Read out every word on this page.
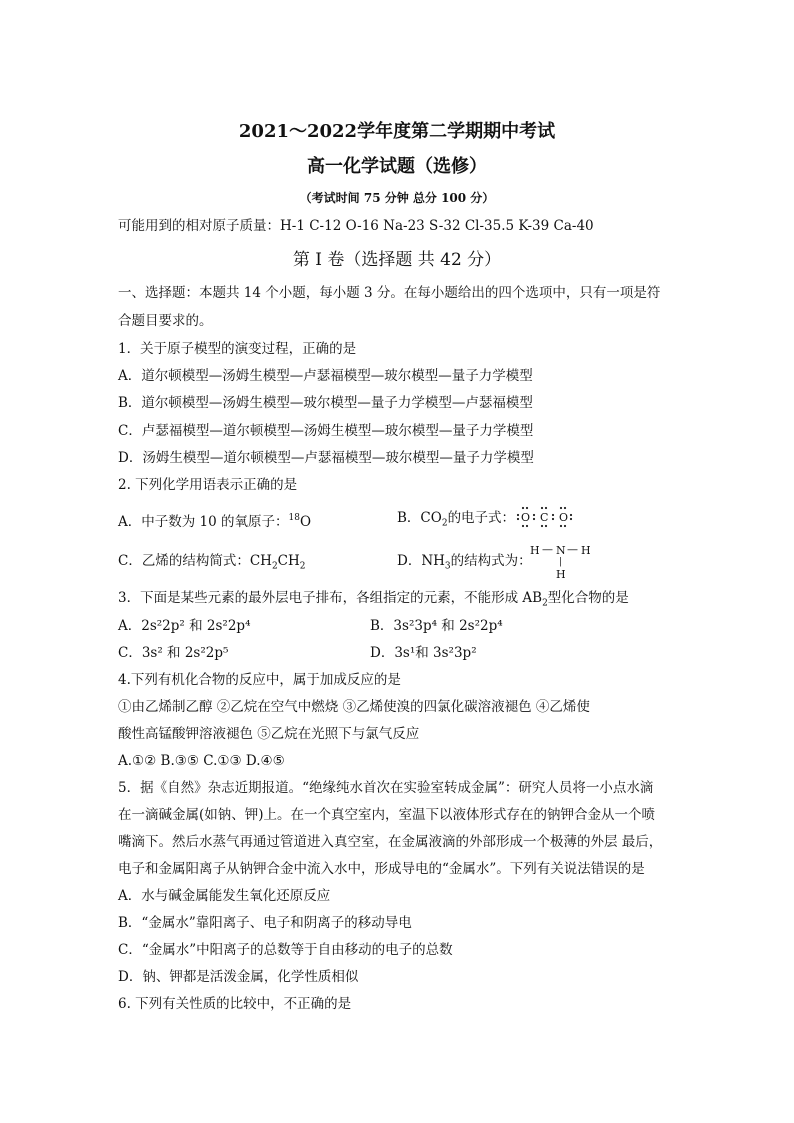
2021～2022学年度第二学期期中考试
高一化学试题（选修）
（考试时间 75 分钟 总分 100 分）
可能用到的相对原子质量：H-1 C-12 O-16 Na-23 S-32 Cl-35.5 K-39 Ca-40
第 I 卷（选择题 共 42 分）
一、选择题：本题共 14 个小题，每小题 3 分。在每小题给出的四个选项中，只有一项是符
合题目要求的。
1．关于原子模型的演变过程，正确的是
A．道尔顿模型—汤姆生模型—卢瑟福模型—玻尔模型—量子力学模型
B．道尔顿模型—汤姆生模型—玻尔模型—量子力学模型—卢瑟福模型
C．卢瑟福模型—道尔顿模型—汤姆生模型—玻尔模型—量子力学模型
D．汤姆生模型—道尔顿模型—卢瑟福模型—玻尔模型—量子力学模型
2. 下列化学用语表示正确的是
A．中子数为 10 的氧原子：$^{18}$O	B．$CO_2$的电子式： O C O
C．乙烯的结构简式：$CH_2CH_2$	D．$NH_3$的结构式为：
H — N — H
|
H
3．下面是某些元素的最外层电子排布，各组指定的元素，不能形成 $AB_2$型化合物的是
A．2s²2p² 和 2s²2p⁴	B．3s²3p⁴ 和 2s²2p⁴
C．3s² 和 2s²2p⁵	D．3s¹和 3s²3p²
4.下列有机化合物的反应中，属于加成反应的是
①由乙烯制乙醇 ②乙烷在空气中燃烧 ③乙烯使溴的四氯化碳溶液褪色 ④乙烯使
酸性高锰酸钾溶液褪色 ⑤乙烷在光照下与氯气反应
A.①② B.③⑤ C.①③ D.④⑤
5．据《自然》杂志近期报道。“绝缘纯水首次在实验室转成金属”：研究人员将一小点水滴
在一滴碱金属(如钠、钾)上。在一个真空室内，室温下以液体形式存在的钠钾合金从一个喷
嘴滴下。然后水蒸气再通过管道进入真空室，在金属液滴的外部形成一个极薄的外层 最后，
电子和金属阳离子从钠钾合金中流入水中，形成导电的“金属水”。下列有关说法错误的是
A．水与碱金属能发生氧化还原反应
B．“金属水”靠阳离子、电子和阴离子的移动导电
C．“金属水”中阳离子的总数等于自由移动的电子的总数
D．钠、钾都是活泼金属，化学性质相似
6. 下列有关性质的比较中，不正确的是
